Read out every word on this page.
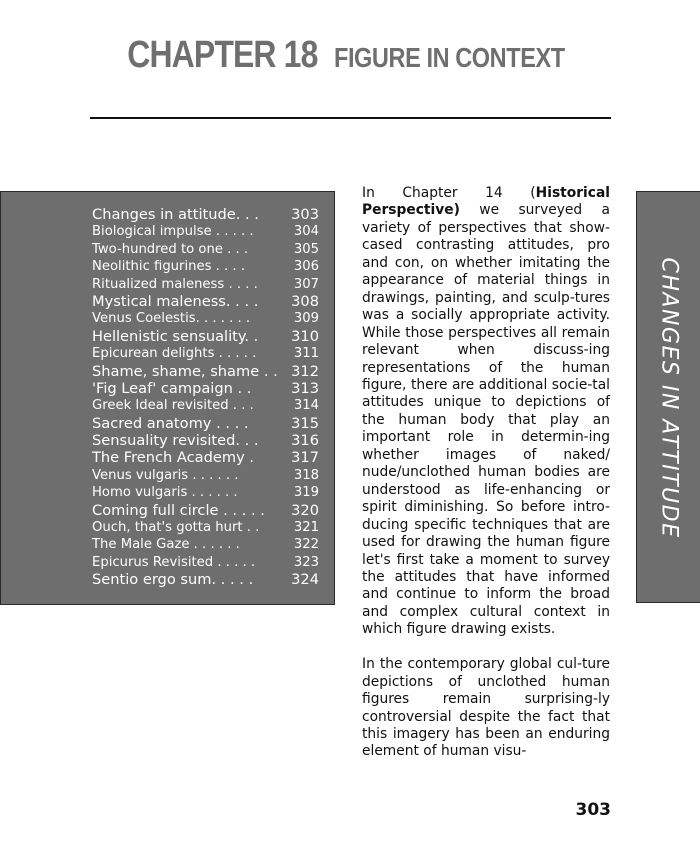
CHAPTER 18 FIGURE IN CONTEXT
Changes in attitude. . . 303
Biological impulse . . . . .	304
Two-hundred to one . . .	305
Neolithic figurines . . . .	306
Ritualized maleness . . . .	307
Mystical maleness. . . . 308
Venus Coelestis. . . . . . .	309
Hellenistic sensuality. . 310
Epicurean delights . . . . .	311
Shame, shame, shame . . 312
'Fig Leaf' campaign . .	313
Greek Ideal revisited . . .	314
Sacred anatomy . . . .	315
Sensuality revisited. . . 316
The French Academy .	317
Venus vulgaris . . . . . .	318
Homo vulgaris . . . . . .	319
Coming full circle . . . . . 320
Ouch, that's gotta hurt . .	321
The Male Gaze . . . . . .	322
Epicurus Revisited . . . . .	323
Sentio ergo sum. . . . .	324
CHANGES IN ATTITUDE

In Chapter 14 (Historical Perspective) we surveyed a variety of perspectives that show-cased contrasting attitudes, pro and con, on whether imitating the appearance of material things in drawings, painting, and sculp-tures was a socially appropriate activity. While those perspectives all remain relevant when discuss-ing representations of the human figure, there are additional socie-tal attitudes unique to depictions of the human body that play an important role in determin-ing whether images of naked/ nude/unclothed human bodies are understood as life-enhancing or spirit diminishing. So before intro-ducing specific techniques that are used for drawing the human figure let's first take a moment to survey the attitudes that have informed and continue to inform the broad and complex cultural context in which figure drawing exists.

In the contemporary global cul-ture depictions of unclothed human figures remain surprising-ly controversial despite the fact that this imagery has been an enduring element of human visu-

303
